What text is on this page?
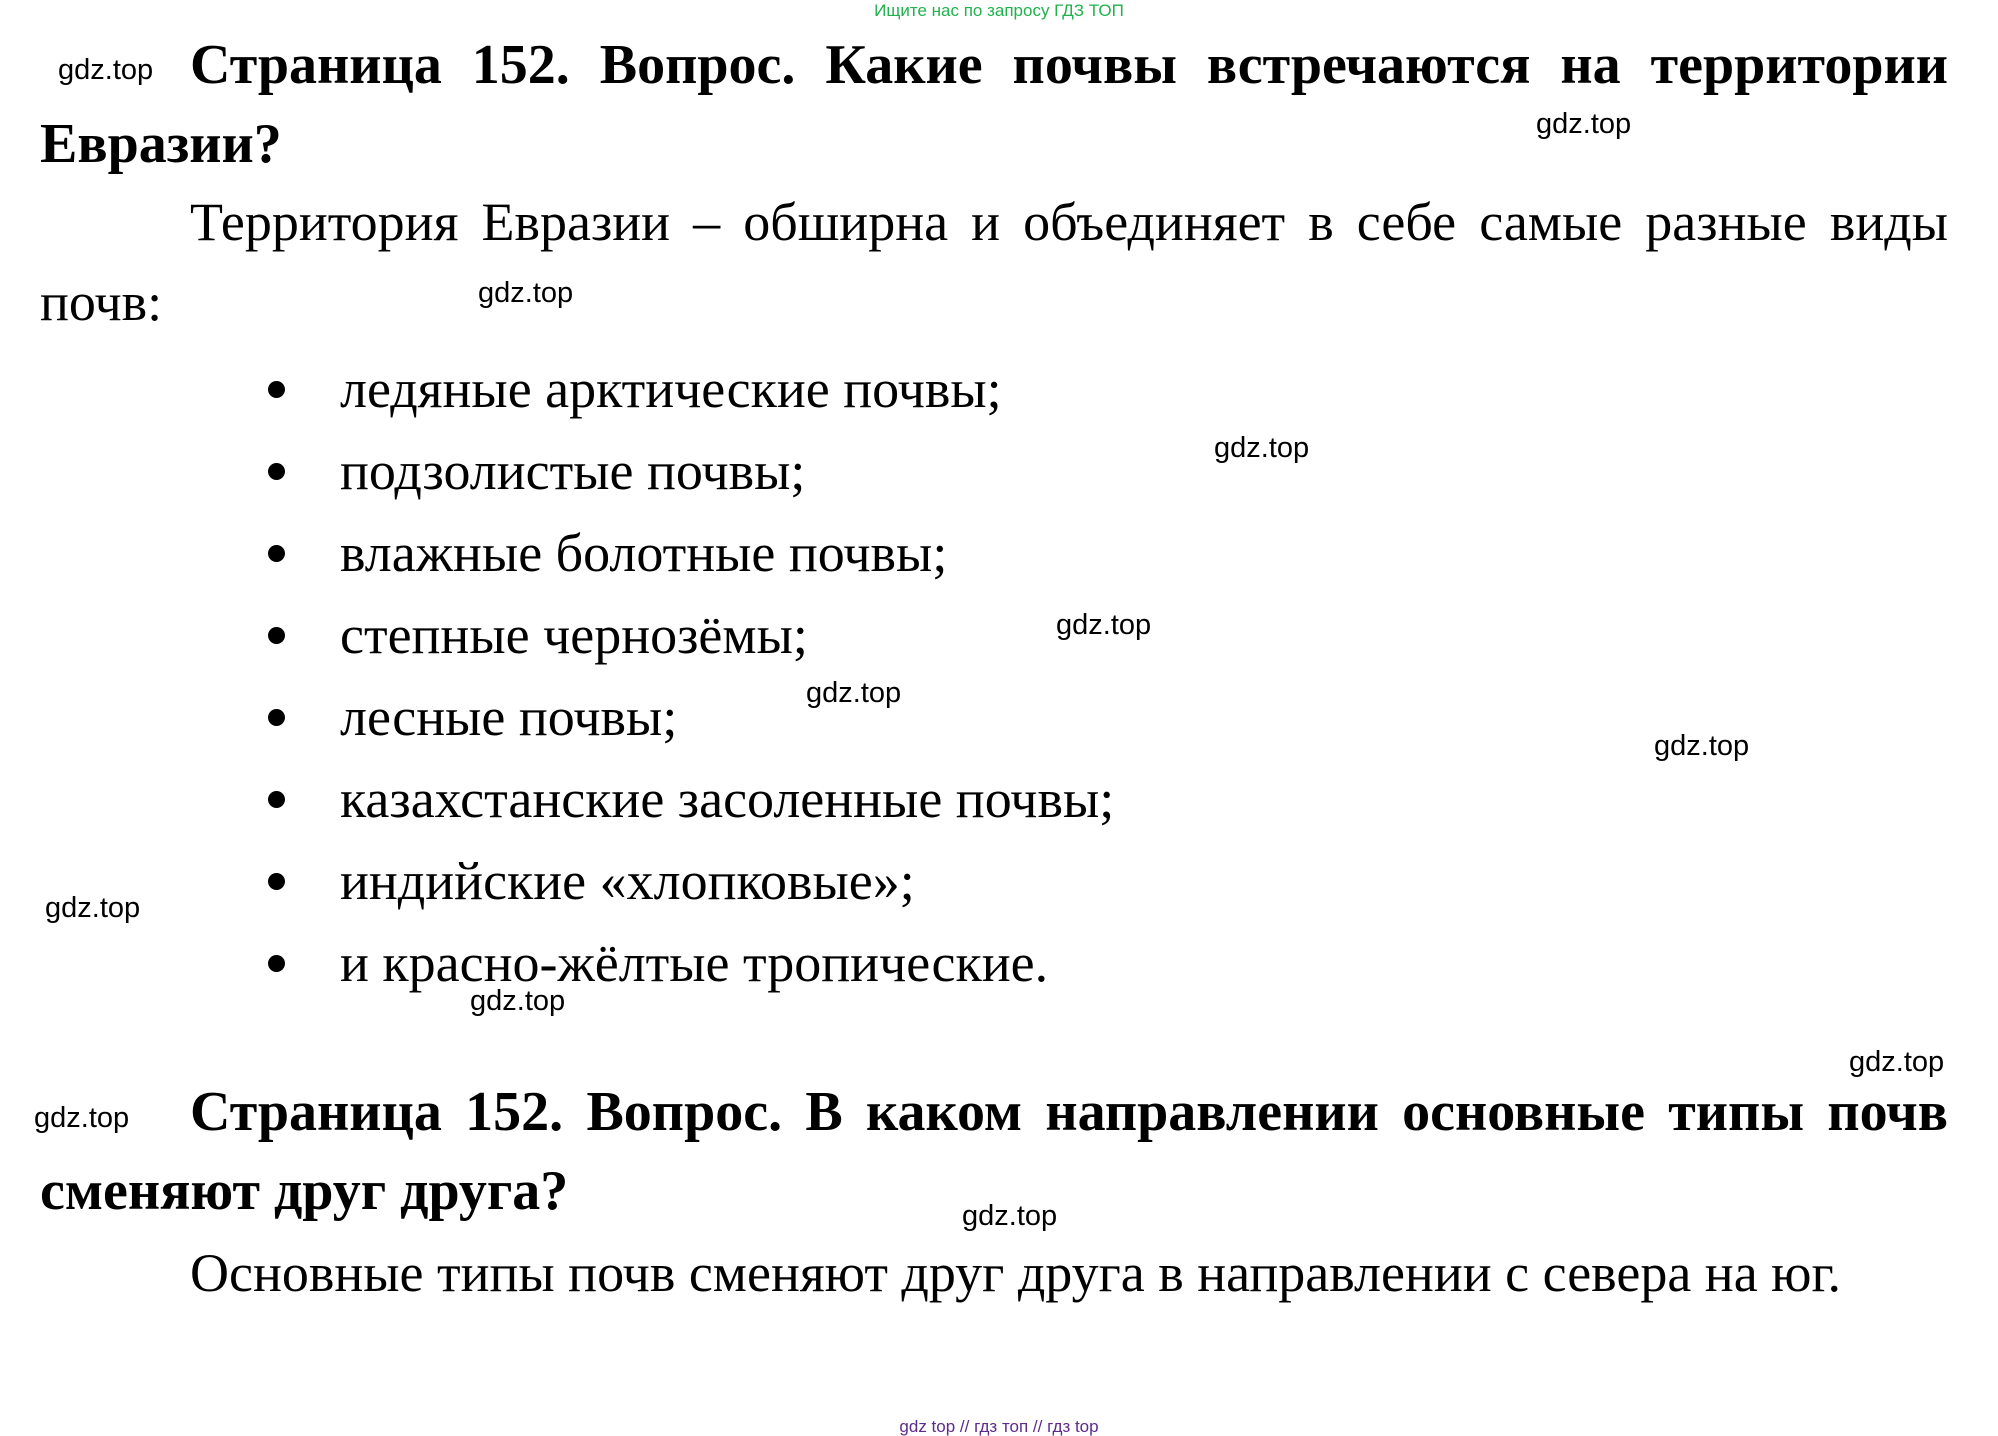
Ищите нас по запросу ГДЗ ТОП
Страница 152. Вопрос. Какие почвы встречаются на территории Евразии?

Территория Евразии – обширна и объединяет в себе самые разные виды почв:

ледяные арктические почвы;
подзолистые почвы;
влажные болотные почвы;
степные чернозёмы;
лесные почвы;
казахстанские засоленные почвы;
индийские «хлопковые»;
и красно-жёлтые тропические.
Страница 152. Вопрос. В каком направлении основные типы почв сменяют друг друга?

Основные типы почв сменяют друг друга в направлении с севера на юг.

gdz.top
gdz.top
gdz.top
gdz.top
gdz.top
gdz.top
gdz.top
gdz.top
gdz.top
gdz.top
gdz.top
gdz.top
gdz top // гдз топ // гдз top
